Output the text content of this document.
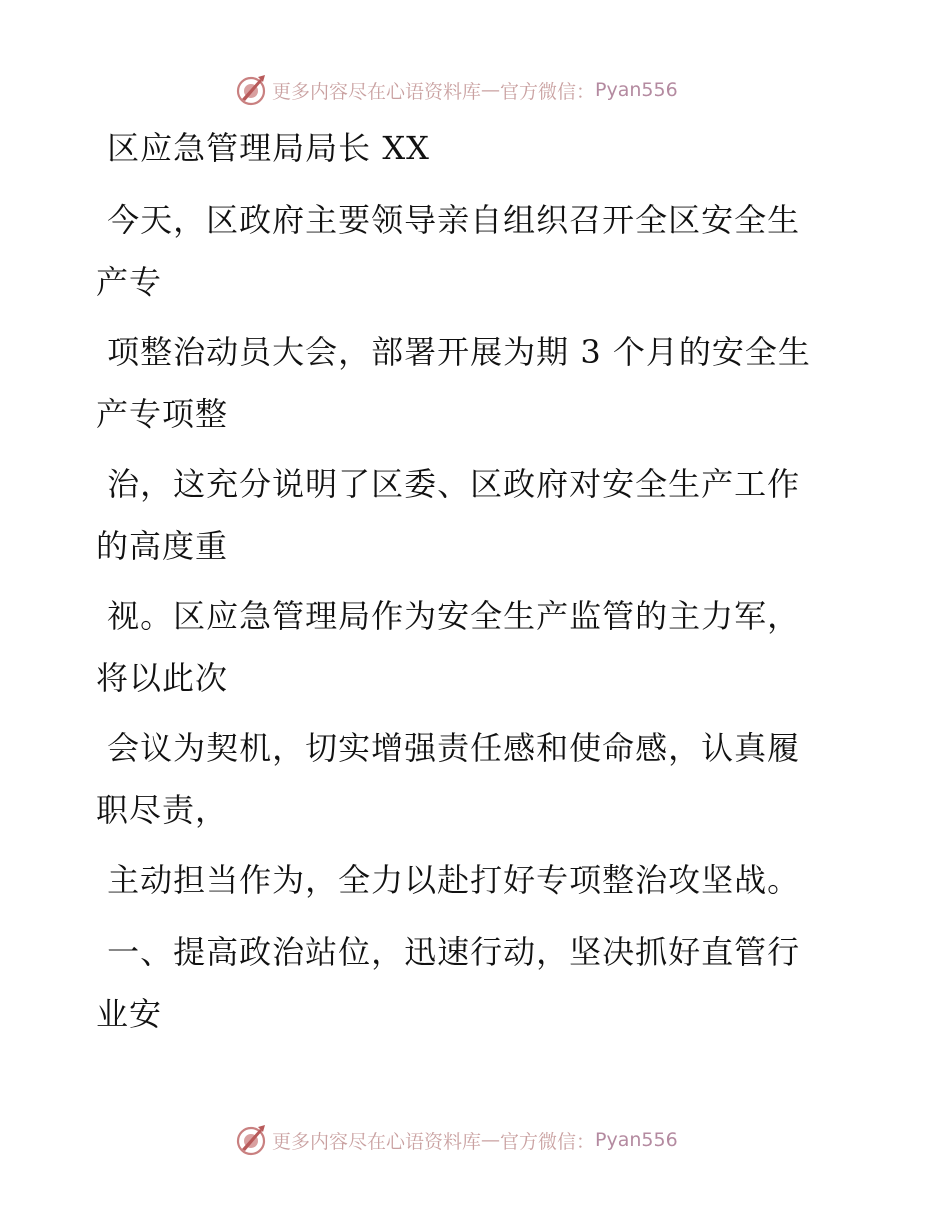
更多内容尽在心语资料库 — 官方微信： Pyan556
区应急管理局局长 XX
今天，区政府主要领导亲自组织召开全区安全生
产专
项整治动员大会，部署开展为期 3 个月的安全生
产专项整
治，这充分说明了区委、区政府对安全生产工作
的高度重
视。区应急管理局作为安全生产监管的主力军，
将以此次
会议为契机，切实增强责任感和使命感，认真履
职尽责，
主动担当作为，全力以赴打好专项整治攻坚战。
一、提高政治站位，迅速行动，坚决抓好直管行
业安
更多内容尽在心语资料库 — 官方微信： Pyan556
